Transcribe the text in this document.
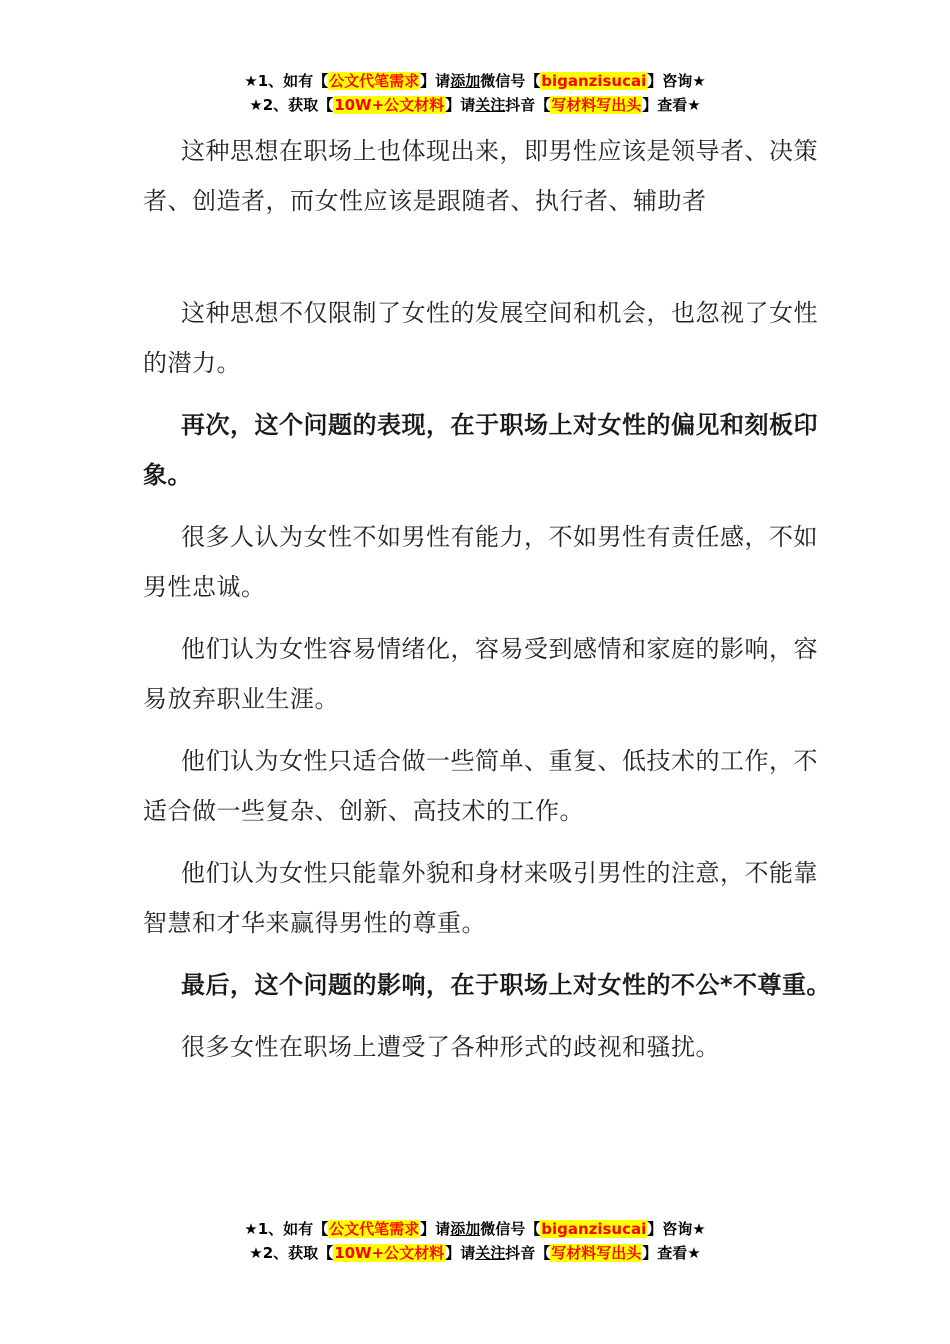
★1、如有【公文代笔需求】请添加微信号【biganzisucai】咨询★
★2、获取【10W+公文材料】请关注抖音【写材料写出头】查看★

这种思想在职场上也体现出来，即男性应该是领导者、决策者、创造者，而女性应该是跟随者、执行者、辅助者

这种思想不仅限制了女性的发展空间和机会，也忽视了女性的潜力。

再次，这个问题的表现，在于职场上对女性的偏见和刻板印象。

很多人认为女性不如男性有能力，不如男性有责任感，不如男性忠诚。

他们认为女性容易情绪化，容易受到感情和家庭的影响，容易放弃职业生涯。

他们认为女性只适合做一些简单、重复、低技术的工作，不适合做一些复杂、创新、高技术的工作。

他们认为女性只能靠外貌和身材来吸引男性的注意，不能靠智慧和才华来赢得男性的尊重。

最后，这个问题的影响，在于职场上对女性的不公*不尊重。

很多女性在职场上遭受了各种形式的歧视和骚扰。

★1、如有【公文代笔需求】请添加微信号【biganzisucai】咨询★
★2、获取【10W+公文材料】请关注抖音【写材料写出头】查看★
